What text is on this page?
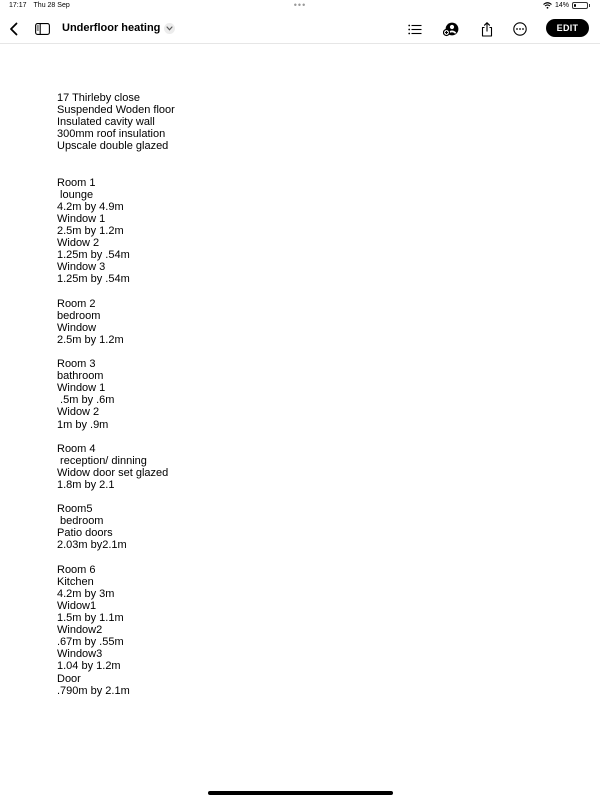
17:17 Thu 28 Sep	•••	14%
Underfloor heating	EDIT
17 Thirleby close
Suspended Woden floor
Insulated cavity wall
300mm roof insulation
Upscale double glazed
Room 1
lounge
4.2m by 4.9m
Window 1
2.5m by 1.2m
Widow 2
1.25m by .54m
Window 3
1.25m by .54m
Room 2
bedroom
Window
2.5m by 1.2m
Room 3
bathroom
Window 1
.5m by .6m
Widow 2
1m by .9m
Room 4
reception/ dinning
Widow door set glazed
1.8m by 2.1
Room5
bedroom
Patio doors
2.03m by2.1m
Room 6
Kitchen
4.2m by 3m
Widow1
1.5m by 1.1m
Window2
.67m by .55m
Window3
1.04 by 1.2m
Door
.790m by 2.1m
